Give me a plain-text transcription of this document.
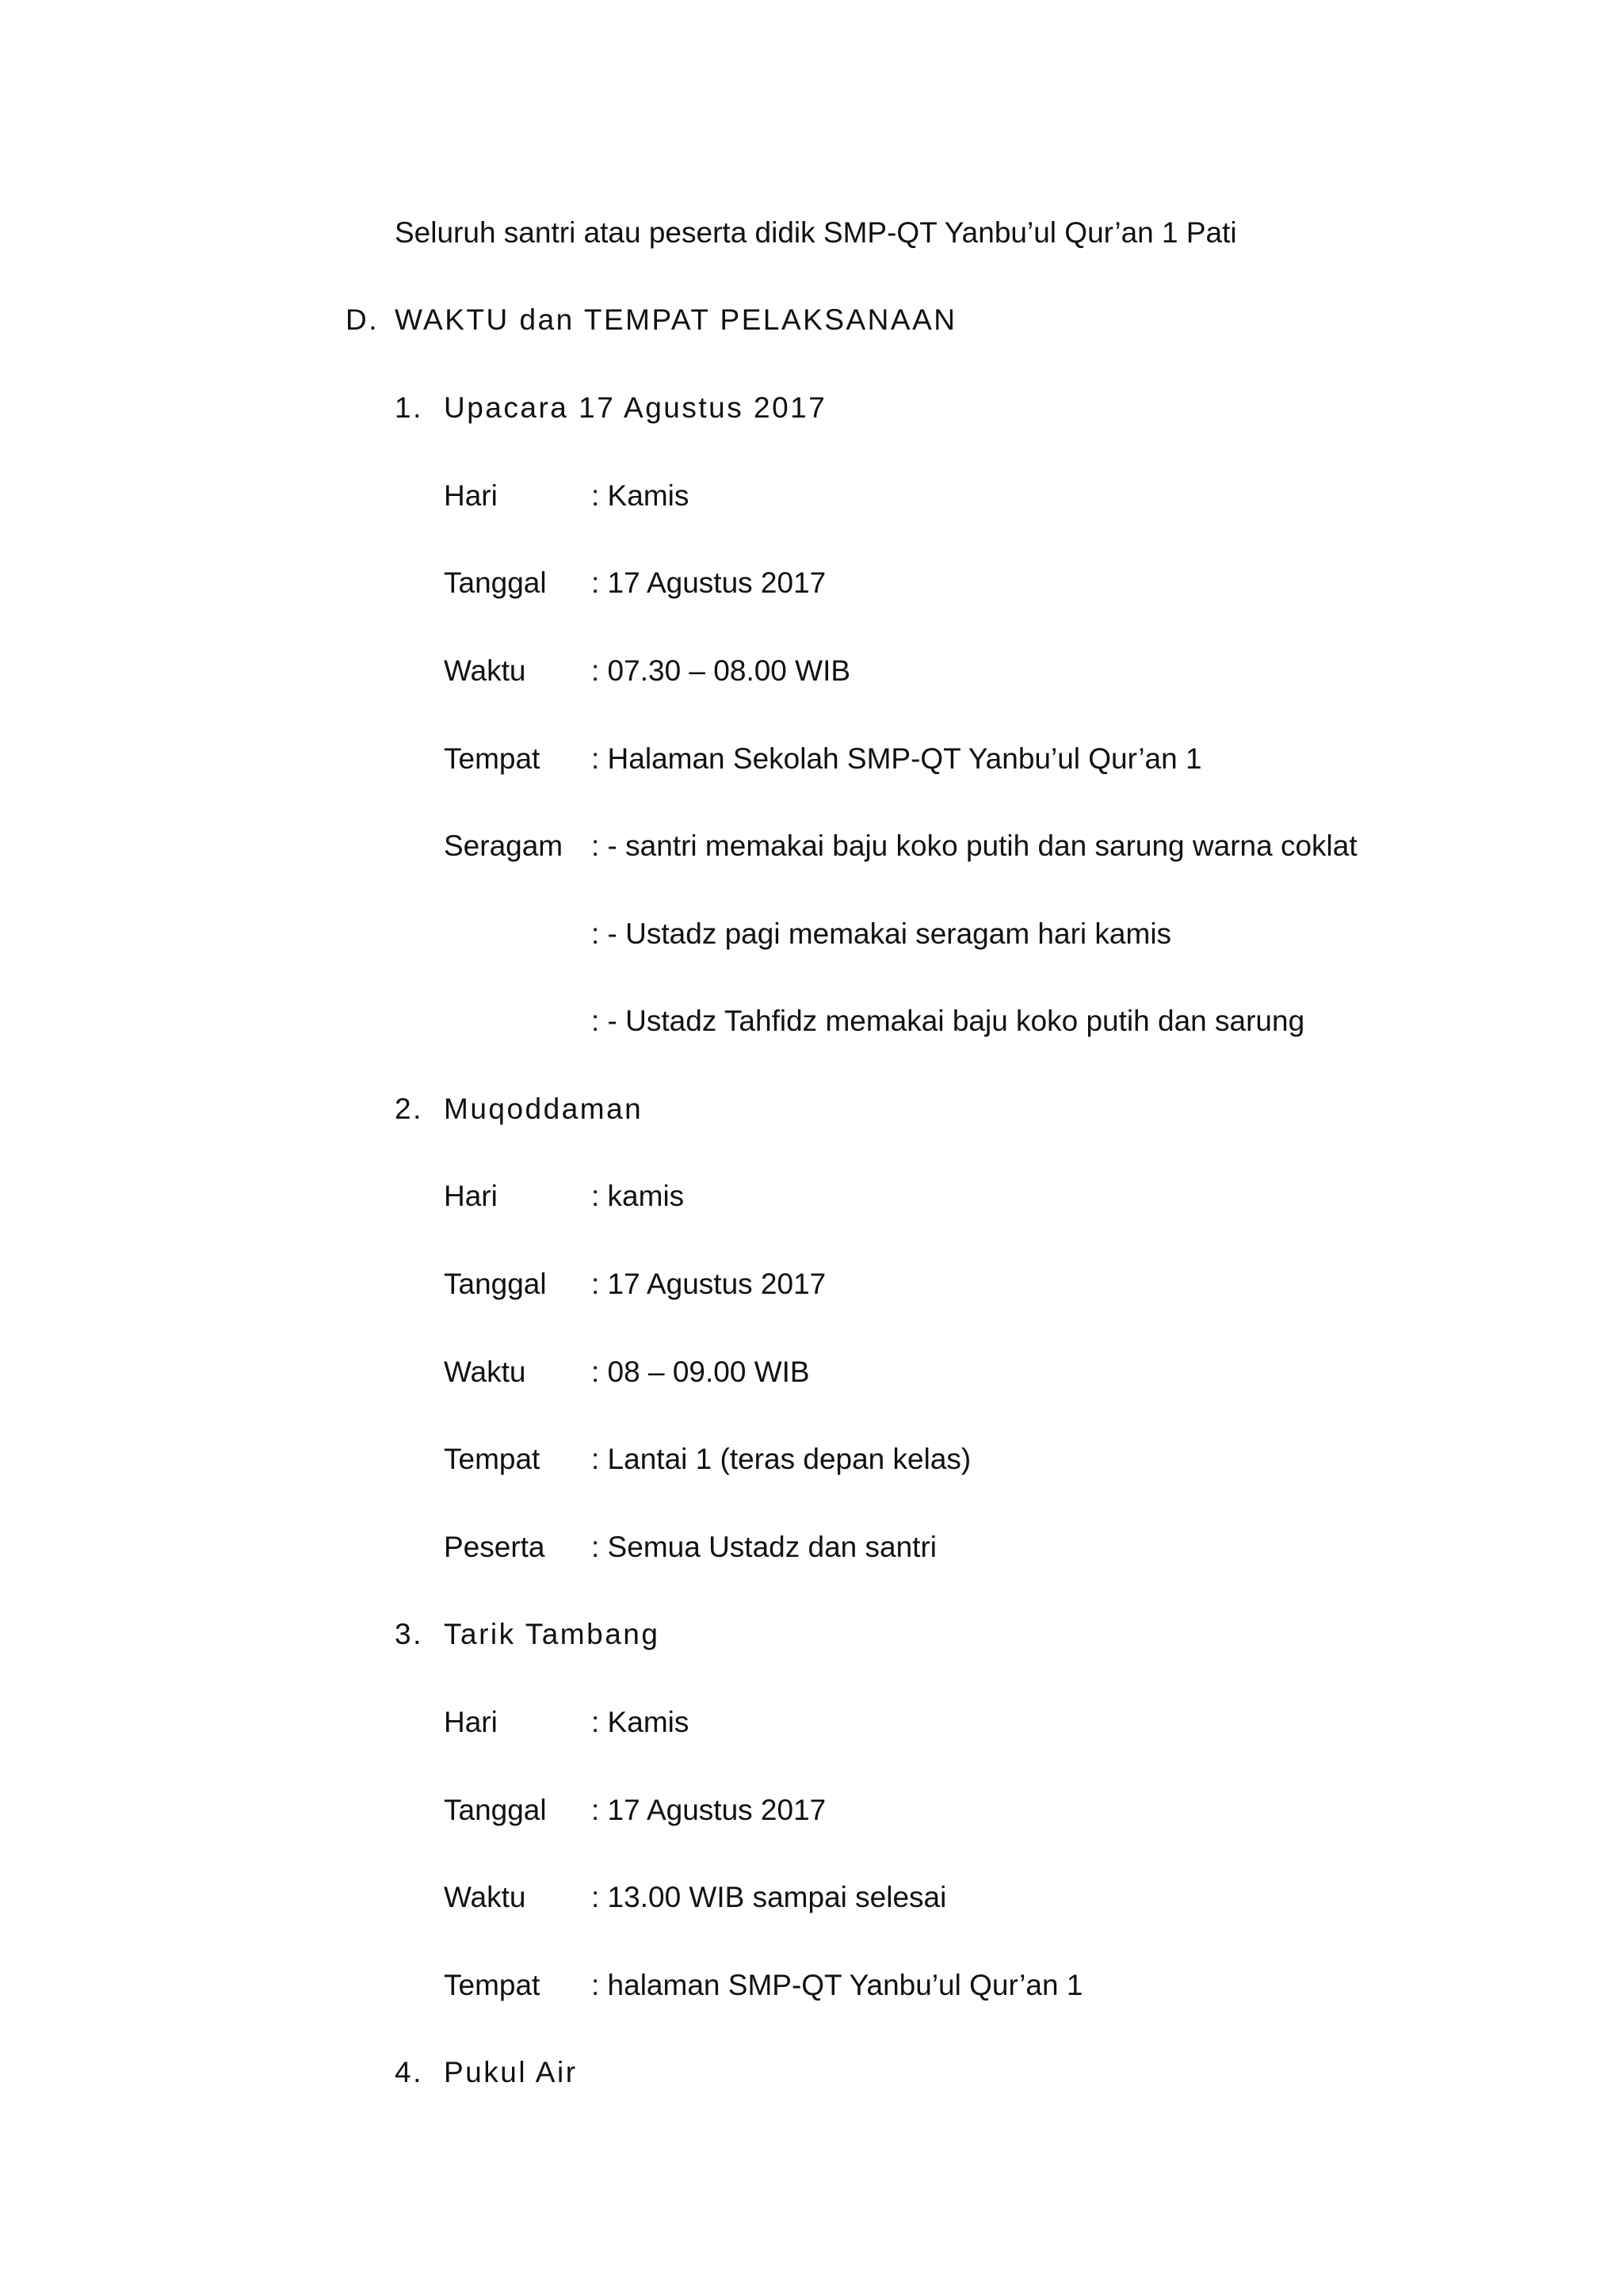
Seluruh santri atau peserta didik SMP-QT Yanbu’ul Qur’an 1 Pati
D. WAKTU dan TEMPAT PELAKSANAAN
1. Upacara 17 Agustus 2017
Hari	: Kamis
Tanggal : 17 Agustus 2017
Waktu : 07.30 – 08.00 WIB
Tempat : Halaman Sekolah SMP-QT Yanbu’ul Qur’an 1
Seragam : - santri memakai baju koko putih dan sarung warna coklat
: - Ustadz pagi memakai seragam hari kamis
: - Ustadz Tahfidz memakai baju koko putih dan sarung
2. Muqoddaman
Hari	: kamis
Tanggal : 17 Agustus 2017
Waktu : 08 – 09.00 WIB
Tempat : Lantai 1 (teras depan kelas)
Peserta : Semua Ustadz dan santri
3. Tarik Tambang
Hari	: Kamis
Tanggal : 17 Agustus 2017
Waktu : 13.00 WIB sampai selesai
Tempat : halaman SMP-QT Yanbu’ul Qur’an 1
4. Pukul Air
